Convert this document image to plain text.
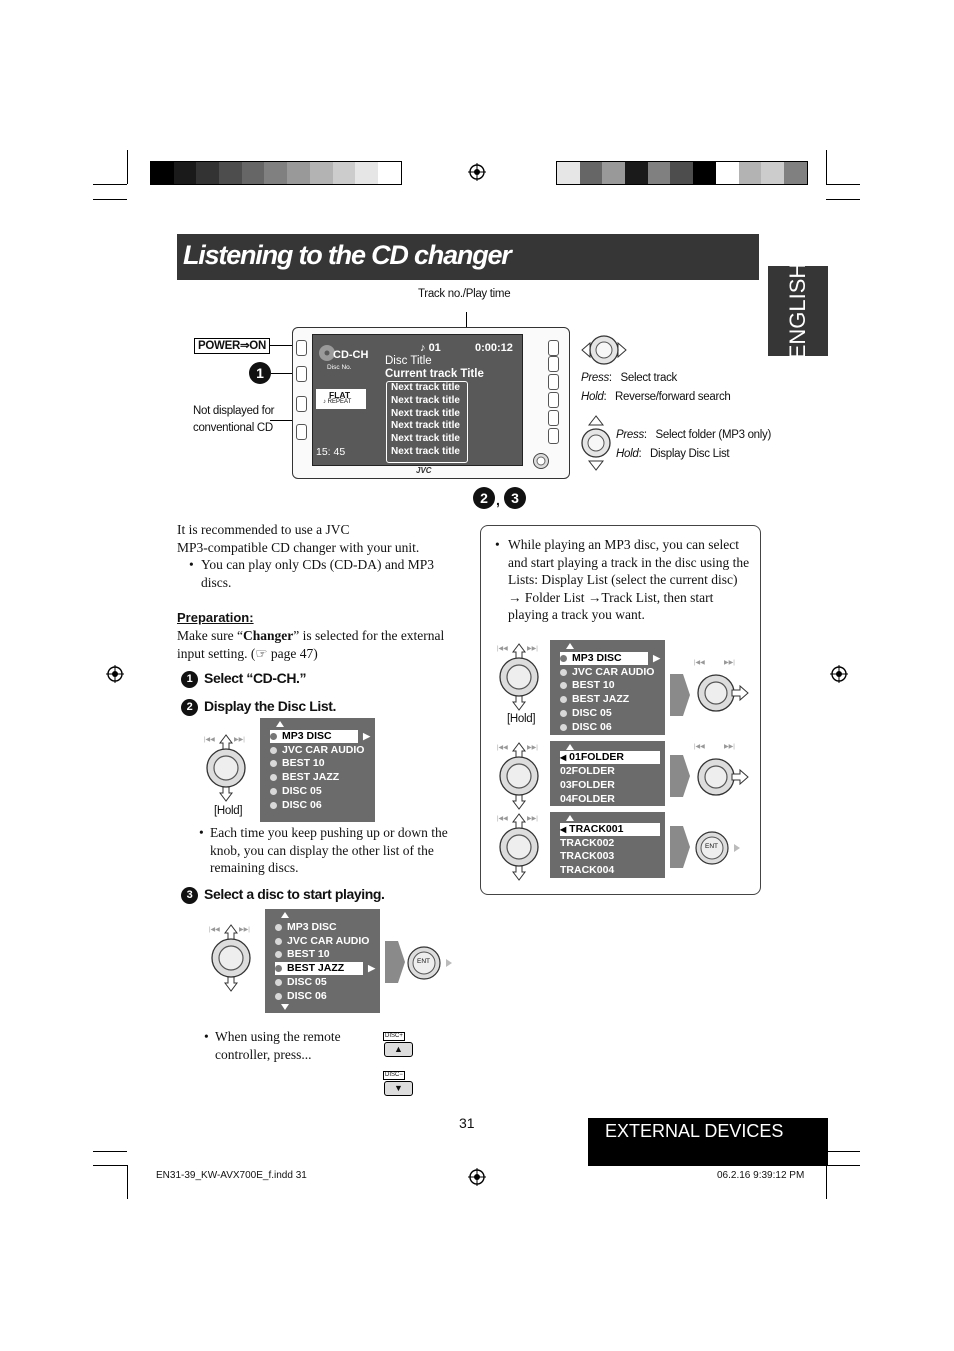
Listening to the CD changer
ENGLISH
Track no./Play time
POWER⇒ON
1
Not displayed for conventional CD
CD-CH
Disc No.
♪ 01	0:00:12
Disc Title
Current track Title
Next track title
Next track title
Next track title
Next track title
Next track title
Next track title
FLAT
♪ REPEAT
15: 45
JVC
Press:   Select track
Hold:   Reverse/forward search
Press:   Select folder (MP3 only)
Hold:   Display Disc List
2 , 3
It is recommended to use a JVC
MP3-compatible CD changer with your unit.
• You can play only CDs (CD-DA) and MP3 discs.
Preparation:
Make sure “Changer” is selected for the external input setting. (☞ page 47)
1 Select “CD-CH.”
2 Display the Disc List.
|◀◀	▶▶|
[Hold]
MP3 DISC	▶
JVC CAR AUDIO
BEST 10
BEST JAZZ
DISC 05
DISC 06
• Each time you keep pushing up or down the knob, you can display the other list of the remaining discs.
3 Select a disc to start playing.
|◀◀	▶▶|	MP3 DISC
JVC CAR AUDIO
BEST 10
BEST JAZZ	▶
DISC 05
DISC 06
ENT
• When using the remote controller, press...
DISC+
▲
DISC−
▼
• While playing an MP3 disc, you can select and start playing a track in the disc using the Lists: Display List (select the current disc) → Folder List →Track List, then start playing a track you want.
|◀◀	▶▶|
[Hold]
MP3 DISC	▶
JVC CAR AUDIO
BEST 10
BEST JAZZ
DISC 05
DISC 06
|◀◀	▶▶|
|◀◀	▶▶|
◀ 01FOLDER
02FOLDER
03FOLDER
04FOLDER
|◀◀	▶▶|
|◀◀	▶▶|
◀ TRACK001
TRACK002
TRACK003
TRACK004
ENT
31	EXTERNAL DEVICES
EN31-39_KW-AVX700E_f.indd 31	06.2.16 9:39:12 PM
